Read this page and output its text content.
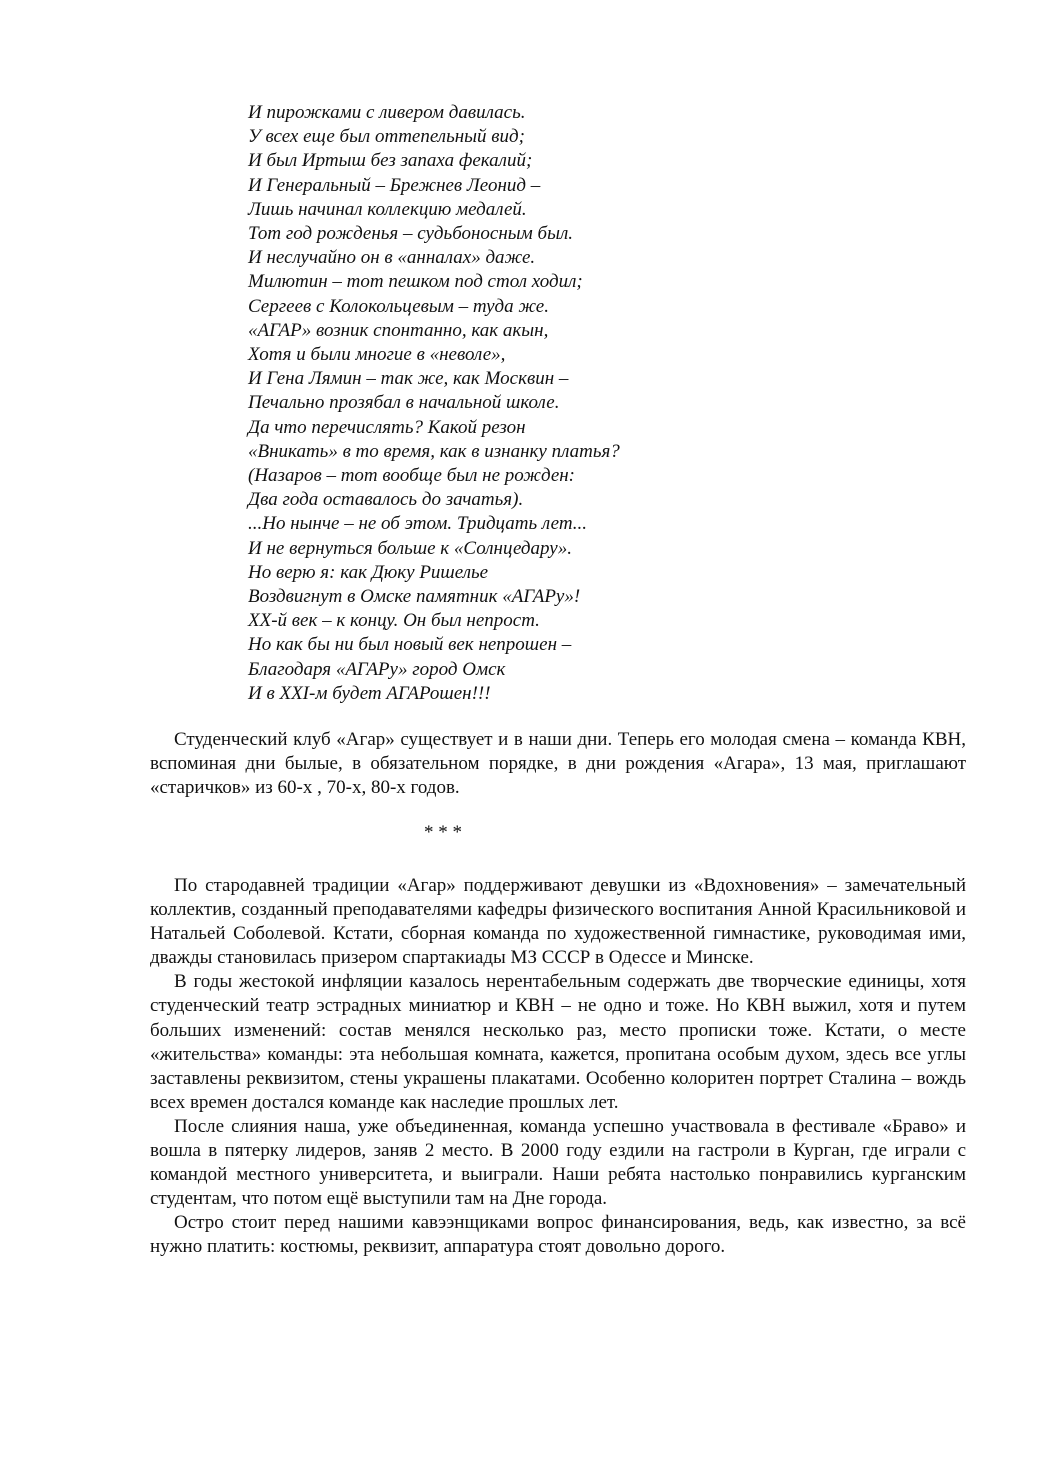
И пирожками с ливером давилась.
У всех еще был оттепельный вид;
И был Иртыш без запаха фекалий;
И Генеральный – Брежнев Леонид –
Лишь начинал коллекцию медалей.
Тот год рожденья – судьбоносным был.
И неслучайно он в «анналах» даже.
Милютин – тот пешком под стол ходил;
Сергеев с Колокольцевым – туда же.
«АГАР» возник спонтанно, как акын,
Хотя и были многие в «неволе»,
И Гена Лямин – так же, как Москвин –
Печально прозябал в начальной школе.
Да что перечислять? Какой резон
«Вникать» в то время, как в изнанку платья?
(Назаров – тот вообще был не рожден:
Два года оставалось до зачатья).
...Но нынче – не об этом. Тридцать лет...
И не вернуться больше к «Солнцедару».
Но верю я: как Дюку Ришелье
Воздвигнут в Омске памятник «АГАРу»!
ХХ-й век – к концу. Он был непрост.
Но как бы ни был новый век непрошен –
Благодаря «АГАРу» город Омск
И в XXI-м будет АГАРошен!!!

Студенческий клуб «Агар» существует и в наши дни. Теперь его молодая смена – команда КВН, вспоминая дни былые, в обязательном порядке, в дни рождения «Агара», 13 мая, приглашают «старичков» из 60-х , 70-х, 80-х годов.

* * *

По стародавней традиции «Агар» поддерживают девушки из «Вдохновения» – замечательный коллектив, созданный преподавателями кафедры физического воспитания Анной Красильниковой и Натальей Соболевой. Кстати, сборная команда по художественной гимнастике, руководимая ими, дважды становилась призером спартакиады МЗ СССР в Одессе и Минске.

В годы жестокой инфляции казалось нерентабельным содержать две творческие единицы, хотя студенческий театр эстрадных миниатюр и КВН – не одно и тоже. Но КВН выжил, хотя и путем больших изменений: состав менялся несколько раз, место прописки тоже. Кстати, о месте «жительства» команды: эта небольшая комната, кажется, пропитана особым духом, здесь все углы заставлены реквизитом, стены украшены плакатами. Особенно колоритен портрет Сталина – вождь всех времен достался команде как наследие прошлых лет.

После слияния наша, уже объединенная, команда успешно участвовала в фестивале «Браво» и вошла в пятерку лидеров, заняв 2 место. В 2000 году ездили на гастроли в Курган, где играли с командой местного университета, и выиграли. Наши ребята настолько понравились курганским студентам, что потом ещё выступили там на Дне города.

Остро стоит перед нашими кавээнщиками вопрос финансирования, ведь, как известно, за всё нужно платить: костюмы, реквизит, аппаратура стоят довольно дорого.
